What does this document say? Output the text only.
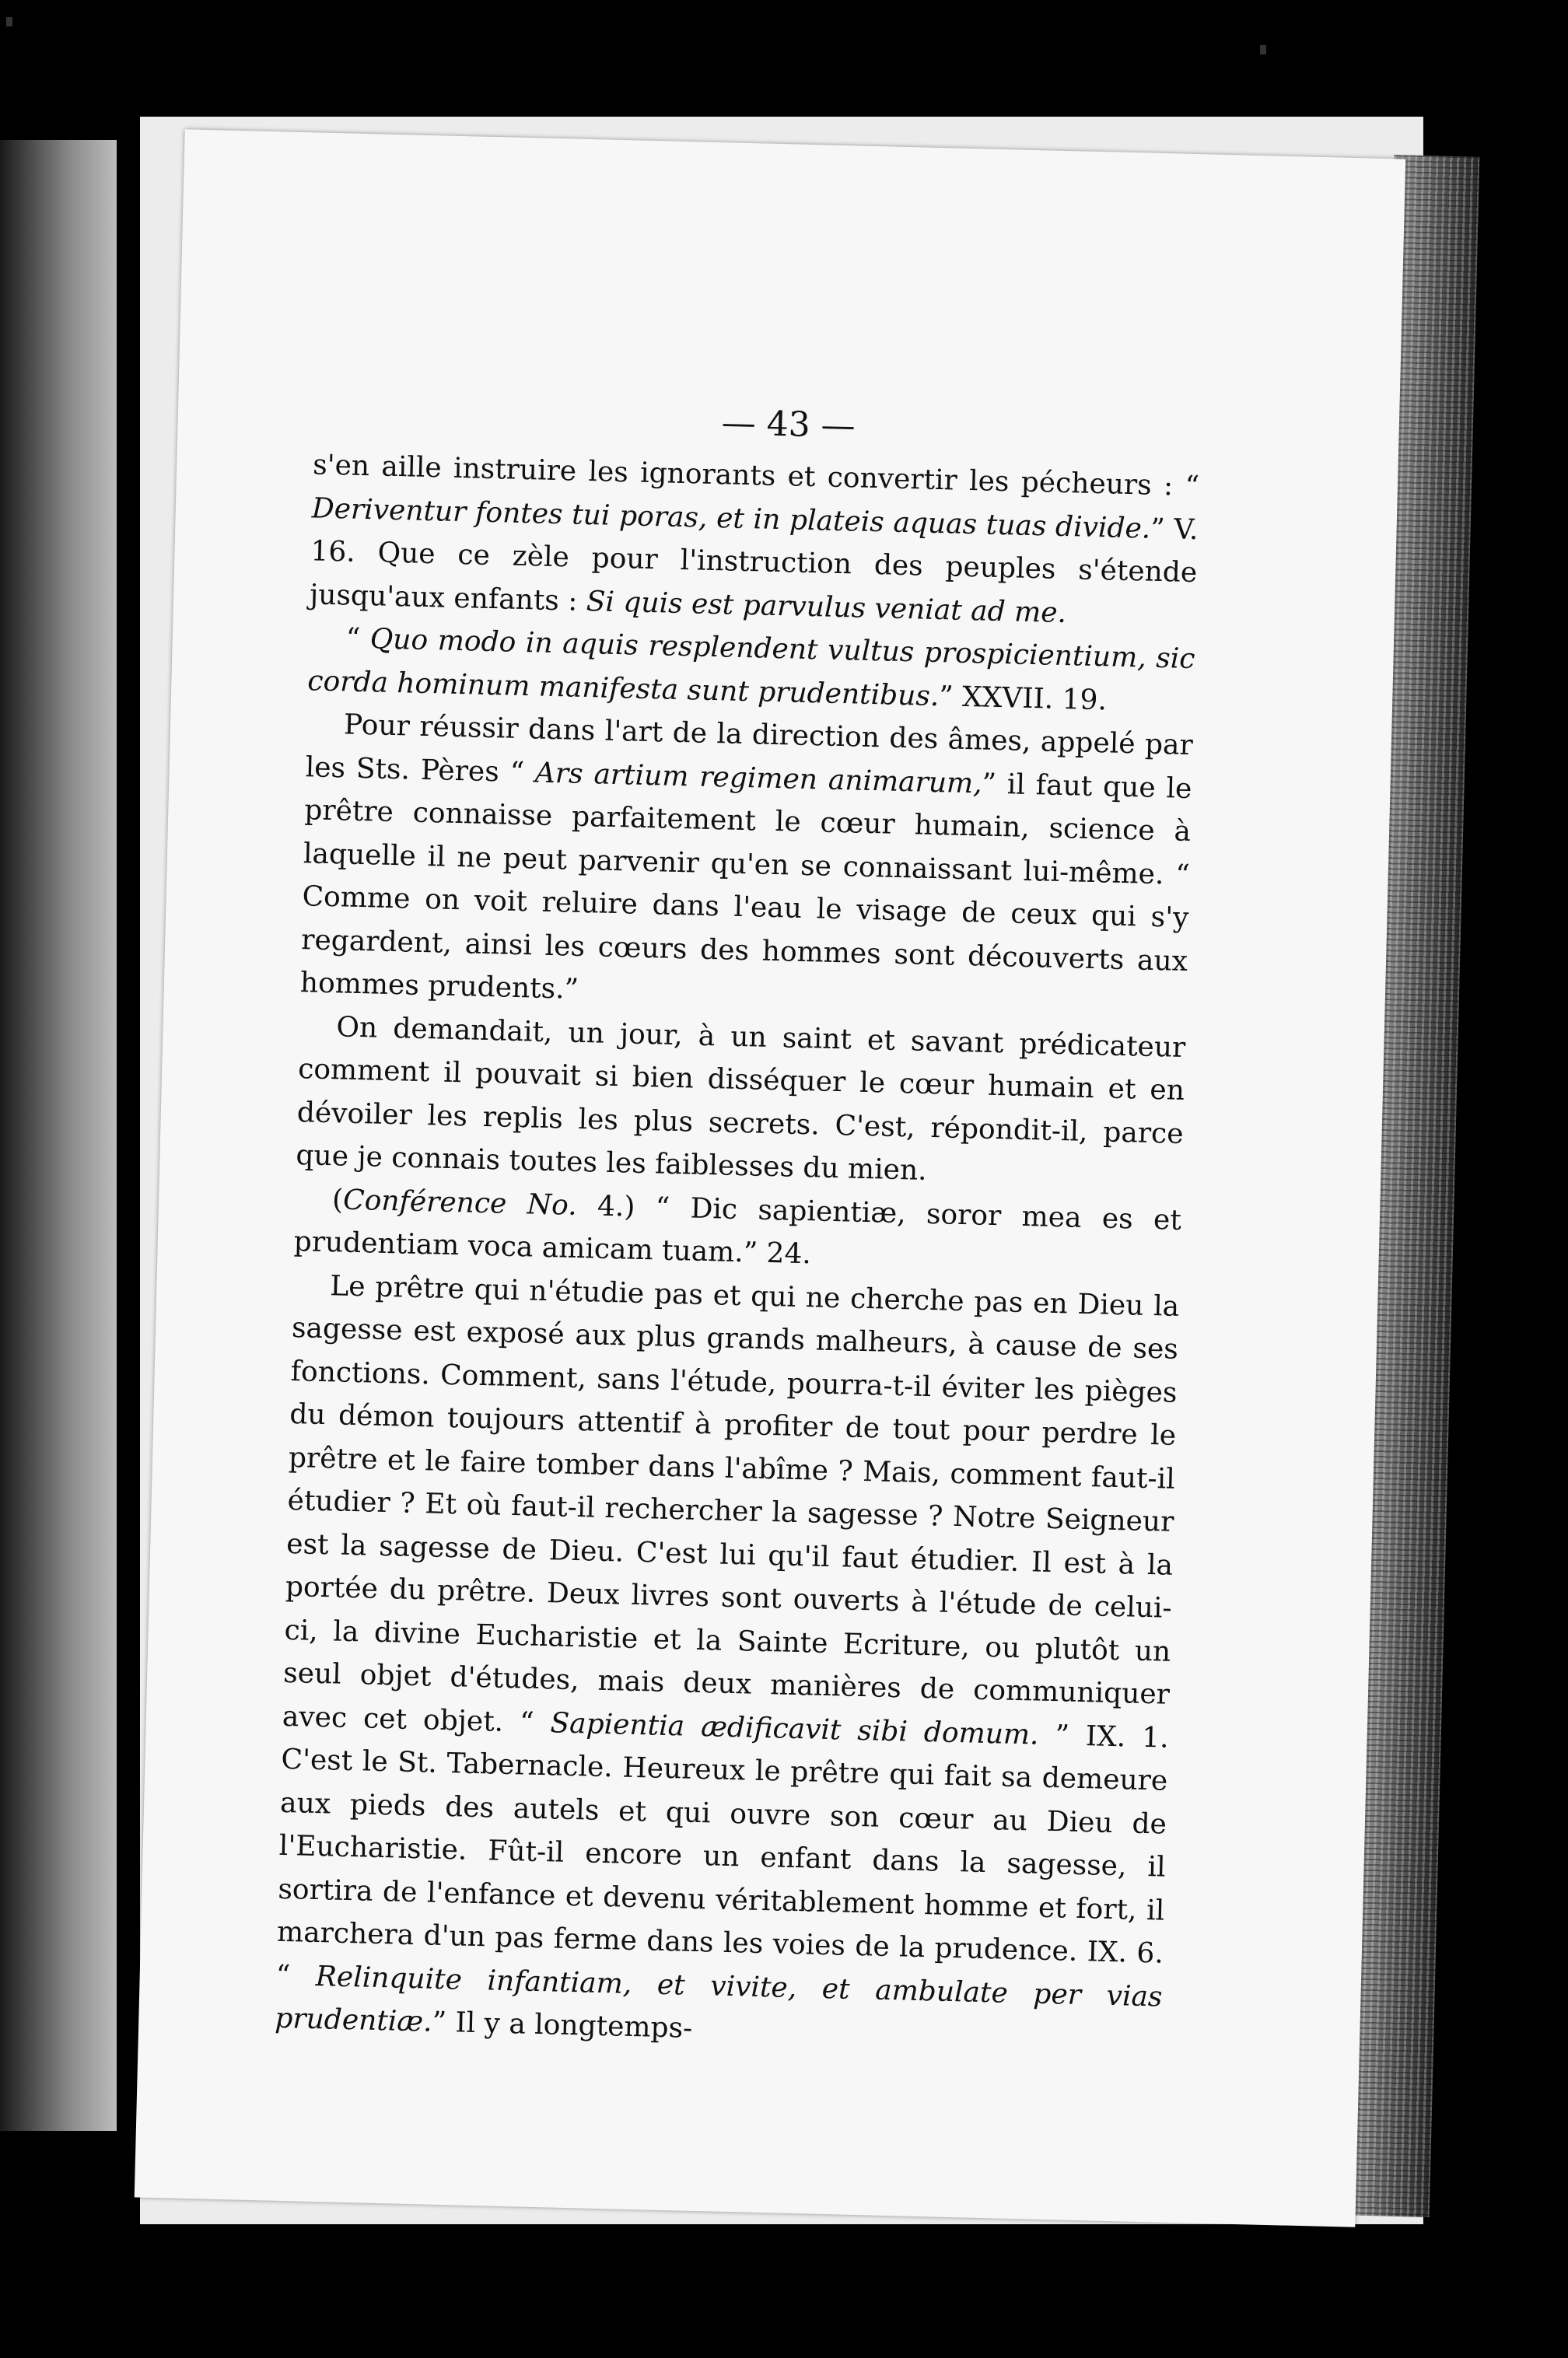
— 43 —

s'en aille instruire les ignorants et convertir les pécheurs : “ Deriventur fontes tui poras, et in plateis aquas tuas divide.” V. 16. Que ce zèle pour l'instruction des peuples s'étende jusqu'aux enfants : Si quis est parvulus veniat ad me.

“ Quo modo in aquis resplendent vultus prospicientium, sic corda hominum manifesta sunt prudentibus.” XXVII. 19.

Pour réussir dans l'art de la direction des âmes, appelé par les Sts. Pères “ Ars artium regimen animarum,” il faut que le prêtre connaisse parfaitement le cœur humain, science à laquelle il ne peut parvenir qu'en se connaissant lui-même. “ Comme on voit reluire dans l'eau le visage de ceux qui s'y regardent, ainsi les cœurs des hommes sont découverts aux hommes prudents.”

On demandait, un jour, à un saint et savant prédicateur comment il pouvait si bien disséquer le cœur humain et en dévoiler les replis les plus secrets. C'est, répondit-il, parce que je connais toutes les faiblesses du mien.

(Conférence No. 4.) “ Dic sapientiæ, soror mea es et prudentiam voca amicam tuam.” 24.

Le prêtre qui n'étudie pas et qui ne cherche pas en Dieu la sagesse est exposé aux plus grands malheurs, à cause de ses fonctions. Comment, sans l'étude, pourra-t-il éviter les pièges du démon toujours attentif à profiter de tout pour perdre le prêtre et le faire tomber dans l'abîme ? Mais, comment faut-il étudier ? Et où faut-il rechercher la sagesse ? Notre Seigneur est la sagesse de Dieu. C'est lui qu'il faut étudier. Il est à la portée du prêtre. Deux livres sont ouverts à l'étude de celui-ci, la divine Eucharistie et la Sainte Ecriture, ou plutôt un seul objet d'études, mais deux manières de communiquer avec cet objet. “ Sapientia ædificavit sibi domum. ” IX. 1. C'est le St. Tabernacle. Heureux le prêtre qui fait sa demeure aux pieds des autels et qui ouvre son cœur au Dieu de l'Eucharistie. Fût-il encore un enfant dans la sagesse, il sortira de l'enfance et devenu véritablement homme et fort, il marchera d'un pas ferme dans les voies de la prudence. IX. 6. “ Relinquite infantiam, et vivite, et ambulate per vias prudentiæ.” Il y a longtemps-
